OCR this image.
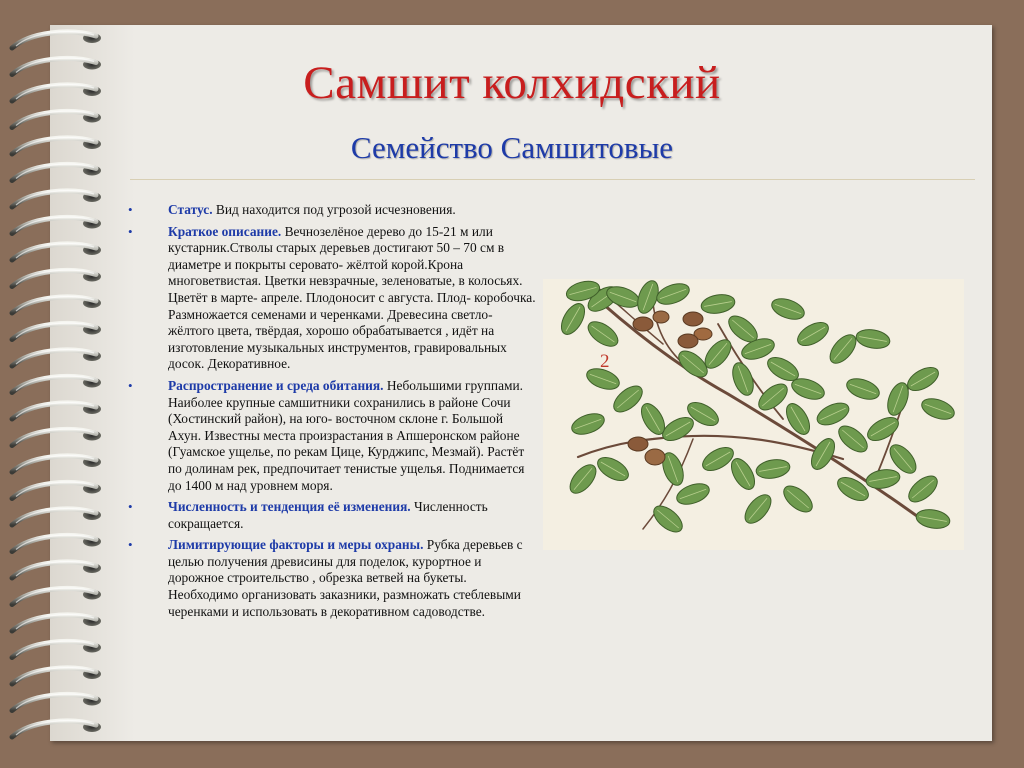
Самшит колхидский
Семейство Самшитовые
•	Статус. Вид находится под угрозой исчезновения.
•	Краткое описание. Вечнозелёное дерево до 15-21 м или кустарник.Стволы старых деревьев достигают 50 – 70 см в диаметре и покрыты серовато- жёлтой корой.Крона многоветвистая. Цветки невзрачные, зеленоватые, в колосьях. Цветёт в марте- апреле. Плодоносит с августа. Плод- коробочка. Размножается семенами и черенками. Древесина светло- жёлтого цвета, твёрдая, хорошо обрабатывается , идёт на изготовление музыкальных инструментов, гравировальных досок. Декоративное.
•	Распространение и среда обитания. Небольшими группами. Наиболее крупные самшитники сохранились в районе Сочи (Хостинский район), на юго- восточном склоне г. Большой Ахун. Известны места произрастания в Апшеронском районе (Гуамское ущелье, по рекам Цице, Курджипс, Мезмай). Растёт по долинам рек, предпочитает тенистые ущелья. Поднимается до 1400 м над уровнем моря.
•	Численность и тенденция её изменения. Численность сокращается.
•	Лимитирующие факторы и меры охраны. Рубка деревьев с целью получения древисины для поделок, курортное и дорожное строительство , обрезка ветвей на букеты. Необходимо организовать заказники, размножать стеблевыми черенками и использовать в декоративном садоводстве.
2
